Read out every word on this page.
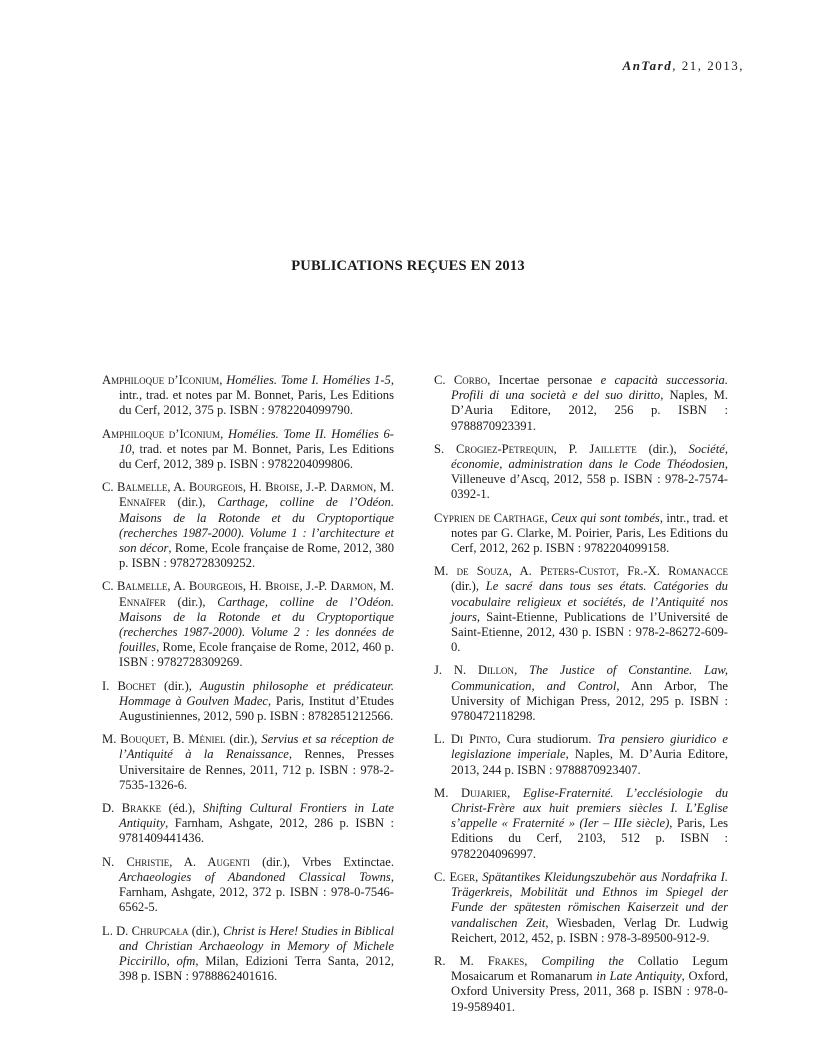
AnTard, 21, 2013,
PUBLICATIONS REÇUES EN 2013

Amphiloque d’Iconium, Homélies. Tome I. Homélies 1-5, intr., trad. et notes par M. Bonnet, Paris, Les Editions du Cerf, 2012, 375 p. ISBN : 9782204099790.

Amphiloque d’Iconium, Homélies. Tome II. Homélies 6-10, trad. et notes par M. Bonnet, Paris, Les Editions du Cerf, 2012, 389 p. ISBN : 9782204099806.

C. Balmelle, A. Bourgeois, H. Broise, J.-P. Darmon, M. Ennaïfer (dir.), Carthage, colline de l’Odéon. Maisons de la Rotonde et du Cryptoportique (recherches 1987-2000). Volume 1 : l’architecture et son décor, Rome, Ecole française de Rome, 2012, 380 p. ISBN : 9782728309252.

C. Balmelle, A. Bourgeois, H. Broise, J.-P. Darmon, M. Ennaïfer (dir.), Carthage, colline de l’Odéon. Maisons de la Rotonde et du Cryptoportique (recherches 1987-2000). Volume 2 : les données de fouilles, Rome, Ecole française de Rome, 2012, 460 p. ISBN : 9782728309269.

I. Bochet (dir.), Augustin philosophe et prédicateur. Hommage à Goulven Madec, Paris, Institut d’Etudes Augustiniennes, 2012, 590 p. ISBN : 8782851212566.

M. Bouquet, B. Méniel (dir.), Servius et sa réception de l’Antiquité à la Renaissance, Rennes, Presses Universitaire de Rennes, 2011, 712 p. ISBN : 978-2-7535-1326-6.

D. Brakke (éd.), Shifting Cultural Frontiers in Late Antiquity, Farnham, Ashgate, 2012, 286 p. ISBN : 9781409441436.

N. Christie, A. Augenti (dir.), Vrbes Extinctae. Archaeologies of Abandoned Classical Towns, Farnham, Ashgate, 2012, 372 p. ISBN : 978-0-7546-6562-5.

L. D. Chrupcała (dir.), Christ is Here! Studies in Biblical and Christian Archaeology in Memory of Michele Piccirillo, ofm, Milan, Edizioni Terra Santa, 2012, 398 p. ISBN : 9788862401616.

C. Corbo, Incertae personae e capacità successoria. Profili di una società e del suo diritto, Naples, M. D’Auria Editore, 2012, 256 p. ISBN : 9788870923391.

S. Crogiez-Petrequin, P. Jaillette (dir.), Société, économie, administration dans le Code Théodosien, Villeneuve d’Ascq, 2012, 558 p. ISBN : 978-2-7574-0392-1.

Cyprien de Carthage, Ceux qui sont tombés, intr., trad. et notes par G. Clarke, M. Poirier, Paris, Les Editions du Cerf, 2012, 262 p. ISBN : 9782204099158.

M. de Souza, A. Peters-Custot, Fr.-X. Romanacce (dir.), Le sacré dans tous ses états. Catégories du vocabulaire religieux et sociétés, de l’Antiquité nos jours, Saint-Etienne, Publications de l’Université de Saint-Etienne, 2012, 430 p. ISBN : 978-2-86272-609-0.

J. N. Dillon, The Justice of Constantine. Law, Communication, and Control, Ann Arbor, The University of Michigan Press, 2012, 295 p. ISBN : 9780472118298.

L. Di Pinto, Cura studiorum. Tra pensiero giuridico e legislazione imperiale, Naples, M. D’Auria Editore, 2013, 244 p. ISBN : 9788870923407.

M. Dujarier, Eglise-Fraternité. L’ecclésiologie du Christ-Frère aux huit premiers siècles I. L’Eglise s’appelle « Fraternité » (Ier – IIIe siècle), Paris, Les Editions du Cerf, 2103, 512 p. ISBN : 9782204096997.

C. Eger, Spätantikes Kleidungszubehör aus Nordafrika I. Trägerkreis, Mobilität und Ethnos im Spiegel der Funde der spätesten römischen Kaiserzeit und der vandalischen Zeit, Wiesbaden, Verlag Dr. Ludwig Reichert, 2012, 452, p. ISBN : 978-3-89500-912-9.

R. M. Frakes, Compiling the Collatio Legum Mosaicarum et Romanarum in Late Antiquity, Oxford, Oxford University Press, 2011, 368 p. ISBN : 978-0-19-9589401.
